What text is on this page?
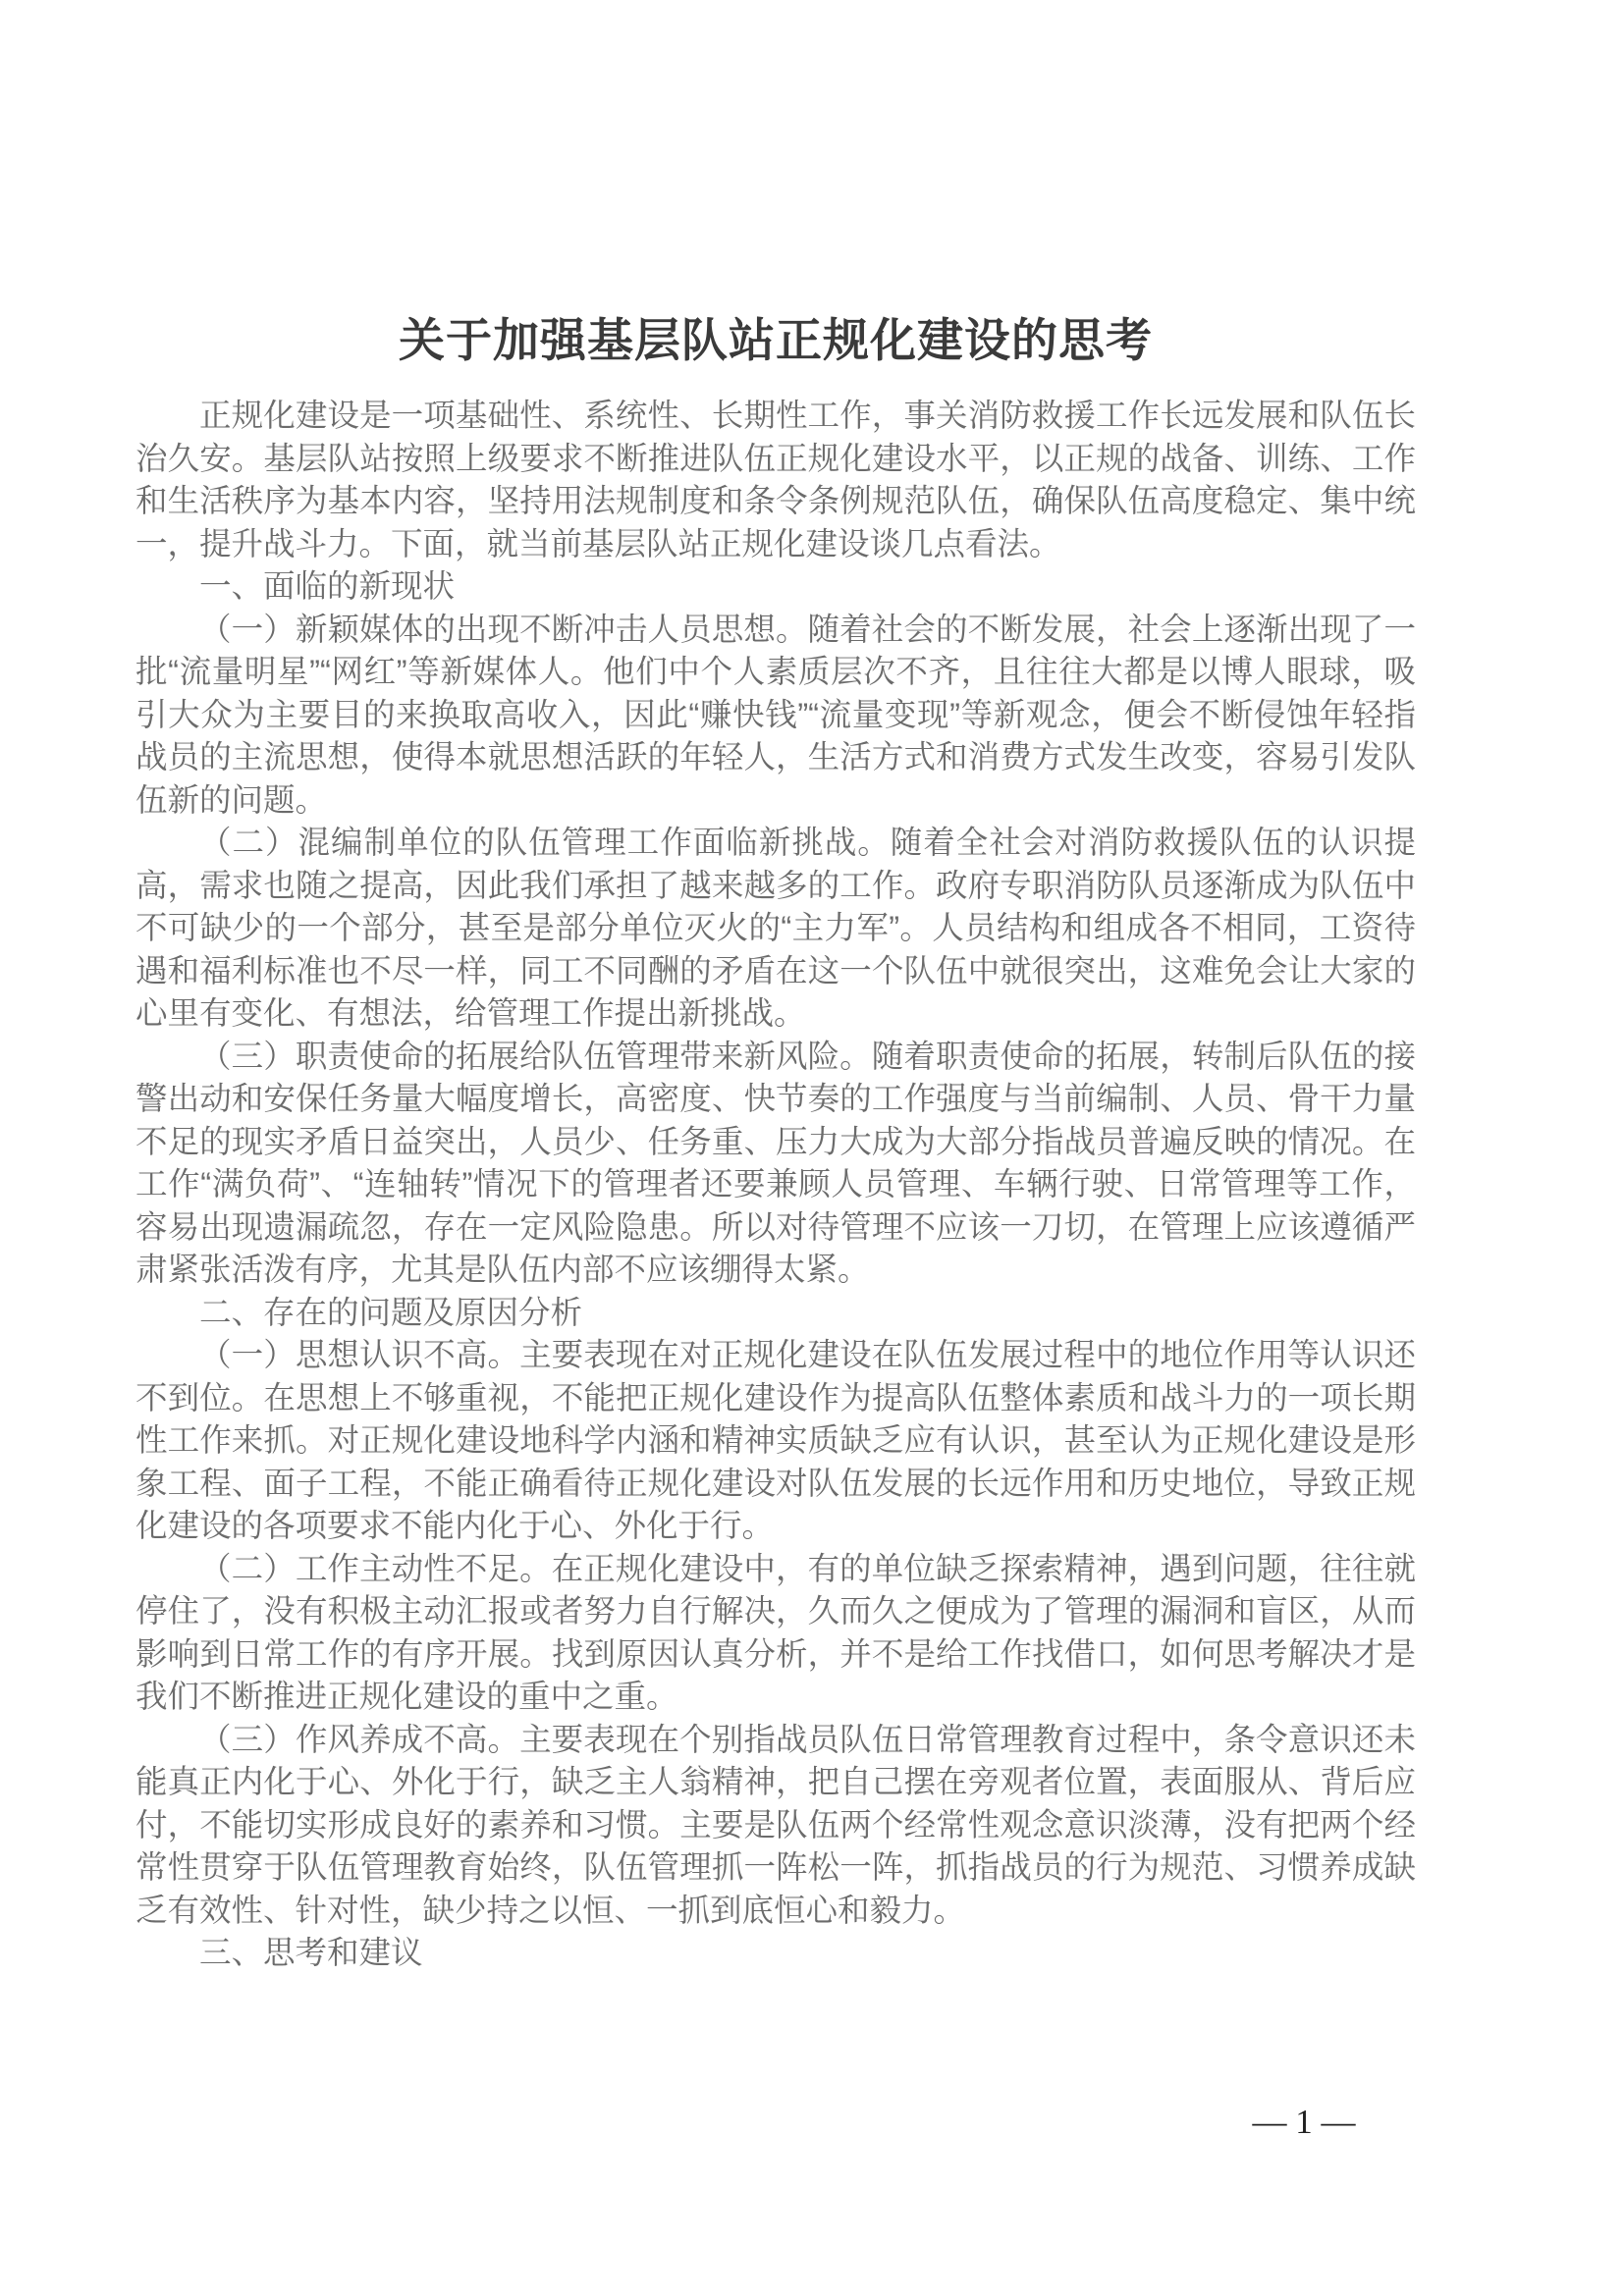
关于加强基层队站正规化建设的思考

正规化建设是一项基础性、系统性、长期性工作，事关消防救援工作长远发展和队伍长治久安。基层队站按照上级要求不断推进队伍正规化建设水平，以正规的战备、训练、工作和生活秩序为基本内容，坚持用法规制度和条令条例规范队伍，确保队伍高度稳定、集中统一，提升战斗力。下面，就当前基层队站正规化建设谈几点看法。

一、面临的新现状

（一）新颖媒体的出现不断冲击人员思想。随着社会的不断发展，社会上逐渐出现了一批“流量明星”“网红”等新媒体人。他们中个人素质层次不齐，且往往大都是以博人眼球，吸引大众为主要目的来换取高收入，因此“赚快钱”“流量变现”等新观念，便会不断侵蚀年轻指战员的主流思想，使得本就思想活跃的年轻人，生活方式和消费方式发生改变，容易引发队伍新的问题。

（二）混编制单位的队伍管理工作面临新挑战。随着全社会对消防救援队伍的认识提高，需求也随之提高，因此我们承担了越来越多的工作。政府专职消防队员逐渐成为队伍中不可缺少的一个部分，甚至是部分单位灭火的“主力军”。人员结构和组成各不相同，工资待遇和福利标准也不尽一样，同工不同酬的矛盾在这一个队伍中就很突出，这难免会让大家的心里有变化、有想法，给管理工作提出新挑战。

（三）职责使命的拓展给队伍管理带来新风险。随着职责使命的拓展，转制后队伍的接警出动和安保任务量大幅度增长，高密度、快节奏的工作强度与当前编制、人员、骨干力量不足的现实矛盾日益突出，人员少、任务重、压力大成为大部分指战员普遍反映的情况。在工作“满负荷”、“连轴转”情况下的管理者还要兼顾人员管理、车辆行驶、日常管理等工作，容易出现遗漏疏忽，存在一定风险隐患。所以对待管理不应该一刀切，在管理上应该遵循严肃紧张活泼有序，尤其是队伍内部不应该绷得太紧。

二、存在的问题及原因分析

（一）思想认识不高。主要表现在对正规化建设在队伍发展过程中的地位作用等认识还不到位。在思想上不够重视，不能把正规化建设作为提高队伍整体素质和战斗力的一项长期性工作来抓。对正规化建设地科学内涵和精神实质缺乏应有认识，甚至认为正规化建设是形象工程、面子工程，不能正确看待正规化建设对队伍发展的长远作用和历史地位，导致正规化建设的各项要求不能内化于心、外化于行。

（二）工作主动性不足。在正规化建设中，有的单位缺乏探索精神，遇到问题，往往就停住了，没有积极主动汇报或者努力自行解决，久而久之便成为了管理的漏洞和盲区，从而影响到日常工作的有序开展。找到原因认真分析，并不是给工作找借口，如何思考解决才是我们不断推进正规化建设的重中之重。

（三）作风养成不高。主要表现在个别指战员队伍日常管理教育过程中，条令意识还未能真正内化于心、外化于行，缺乏主人翁精神，把自己摆在旁观者位置，表面服从、背后应付，不能切实形成良好的素养和习惯。主要是队伍两个经常性观念意识淡薄，没有把两个经常性贯穿于队伍管理教育始终，队伍管理抓一阵松一阵，抓指战员的行为规范、习惯养成缺乏有效性、针对性，缺少持之以恒、一抓到底恒心和毅力。

三、思考和建议

— 1 —
